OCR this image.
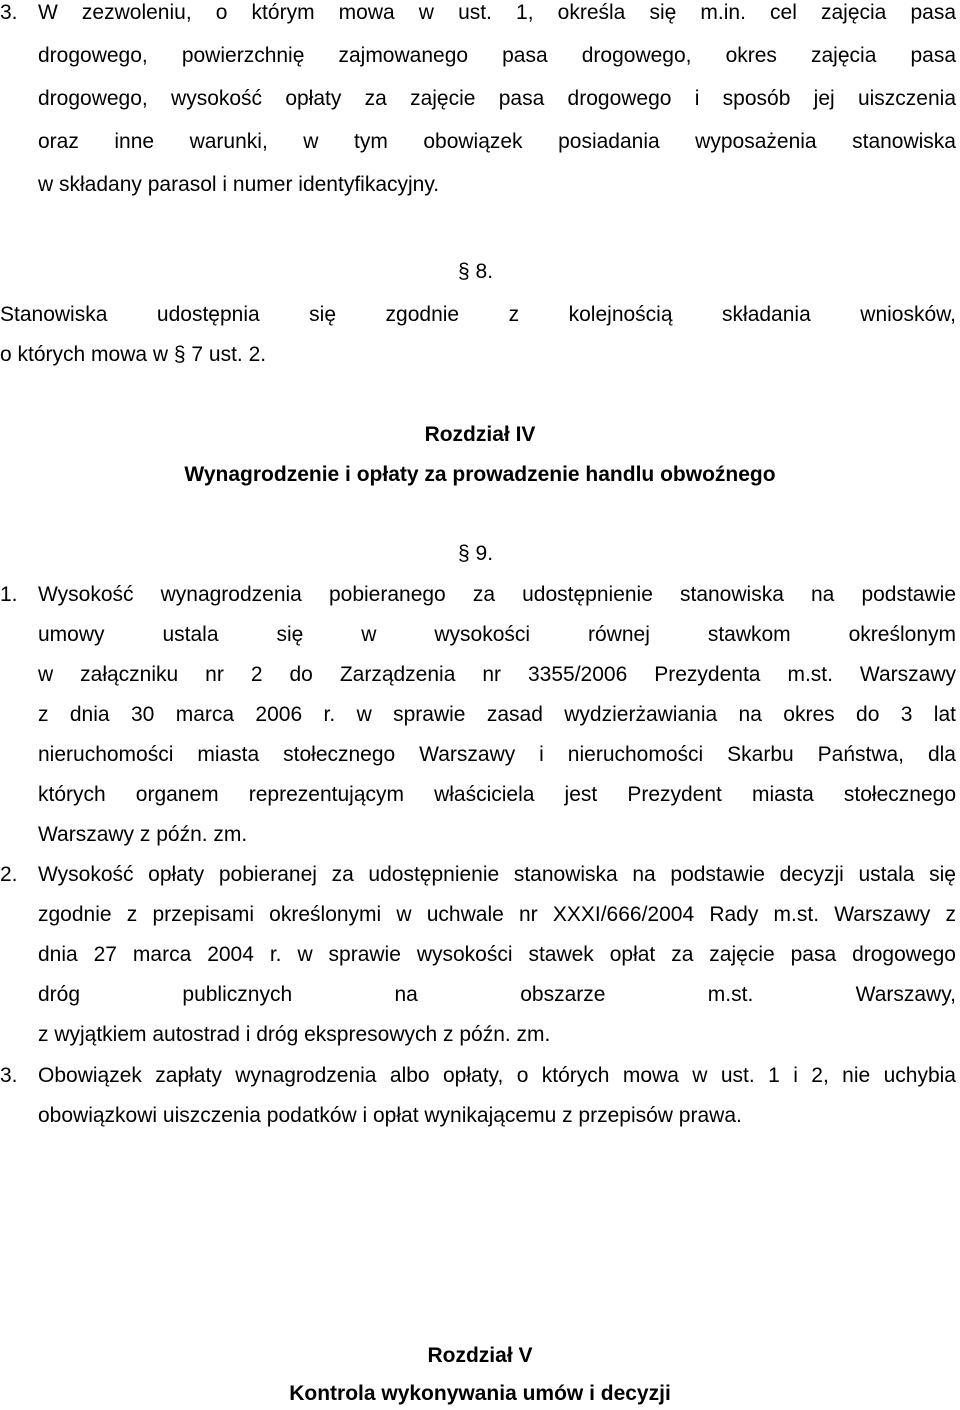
3. W zezwoleniu, o którym mowa w ust. 1, określa się m.in. cel zajęcia pasa
drogowego, powierzchnię zajmowanego pasa drogowego, okres zajęcia pasa
drogowego, wysokość opłaty za zajęcie pasa drogowego i sposób jej uiszczenia
oraz inne warunki, w tym obowiązek posiadania wyposażenia stanowiska
w składany parasol i numer identyfikacyjny.
§ 8.
Stanowiska udostępnia się zgodnie z kolejnością składania wniosków,
o których mowa w § 7 ust. 2.
Rozdział IV
Wynagrodzenie i opłaty za prowadzenie handlu obwoźnego
§ 9.
1. Wysokość wynagrodzenia pobieranego za udostępnienie stanowiska na podstawie
umowy ustala się w wysokości równej stawkom określonym
w załączniku nr 2 do Zarządzenia nr 3355/2006 Prezydenta m.st. Warszawy
z dnia 30 marca 2006 r. w sprawie zasad wydzierżawiania na okres do 3 lat
nieruchomości miasta stołecznego Warszawy i nieruchomości Skarbu Państwa, dla
których organem reprezentującym właściciela jest Prezydent miasta stołecznego
Warszawy z późn. zm.
2. Wysokość opłaty pobieranej za udostępnienie stanowiska na podstawie decyzji ustala się
zgodnie z przepisami określonymi w uchwale nr XXXI/666/2004 Rady m.st. Warszawy z
dnia 27 marca 2004 r. w sprawie wysokości stawek opłat za zajęcie pasa drogowego
dróg publicznych na obszarze m.st. Warszawy,
z wyjątkiem autostrad i dróg ekspresowych z późn. zm.
3. Obowiązek zapłaty wynagrodzenia albo opłaty, o których mowa w ust. 1 i 2, nie uchybia
obowiązkowi uiszczenia podatków i opłat wynikającemu z przepisów prawa.
Rozdział V
Kontrola wykonywania umów i decyzji
